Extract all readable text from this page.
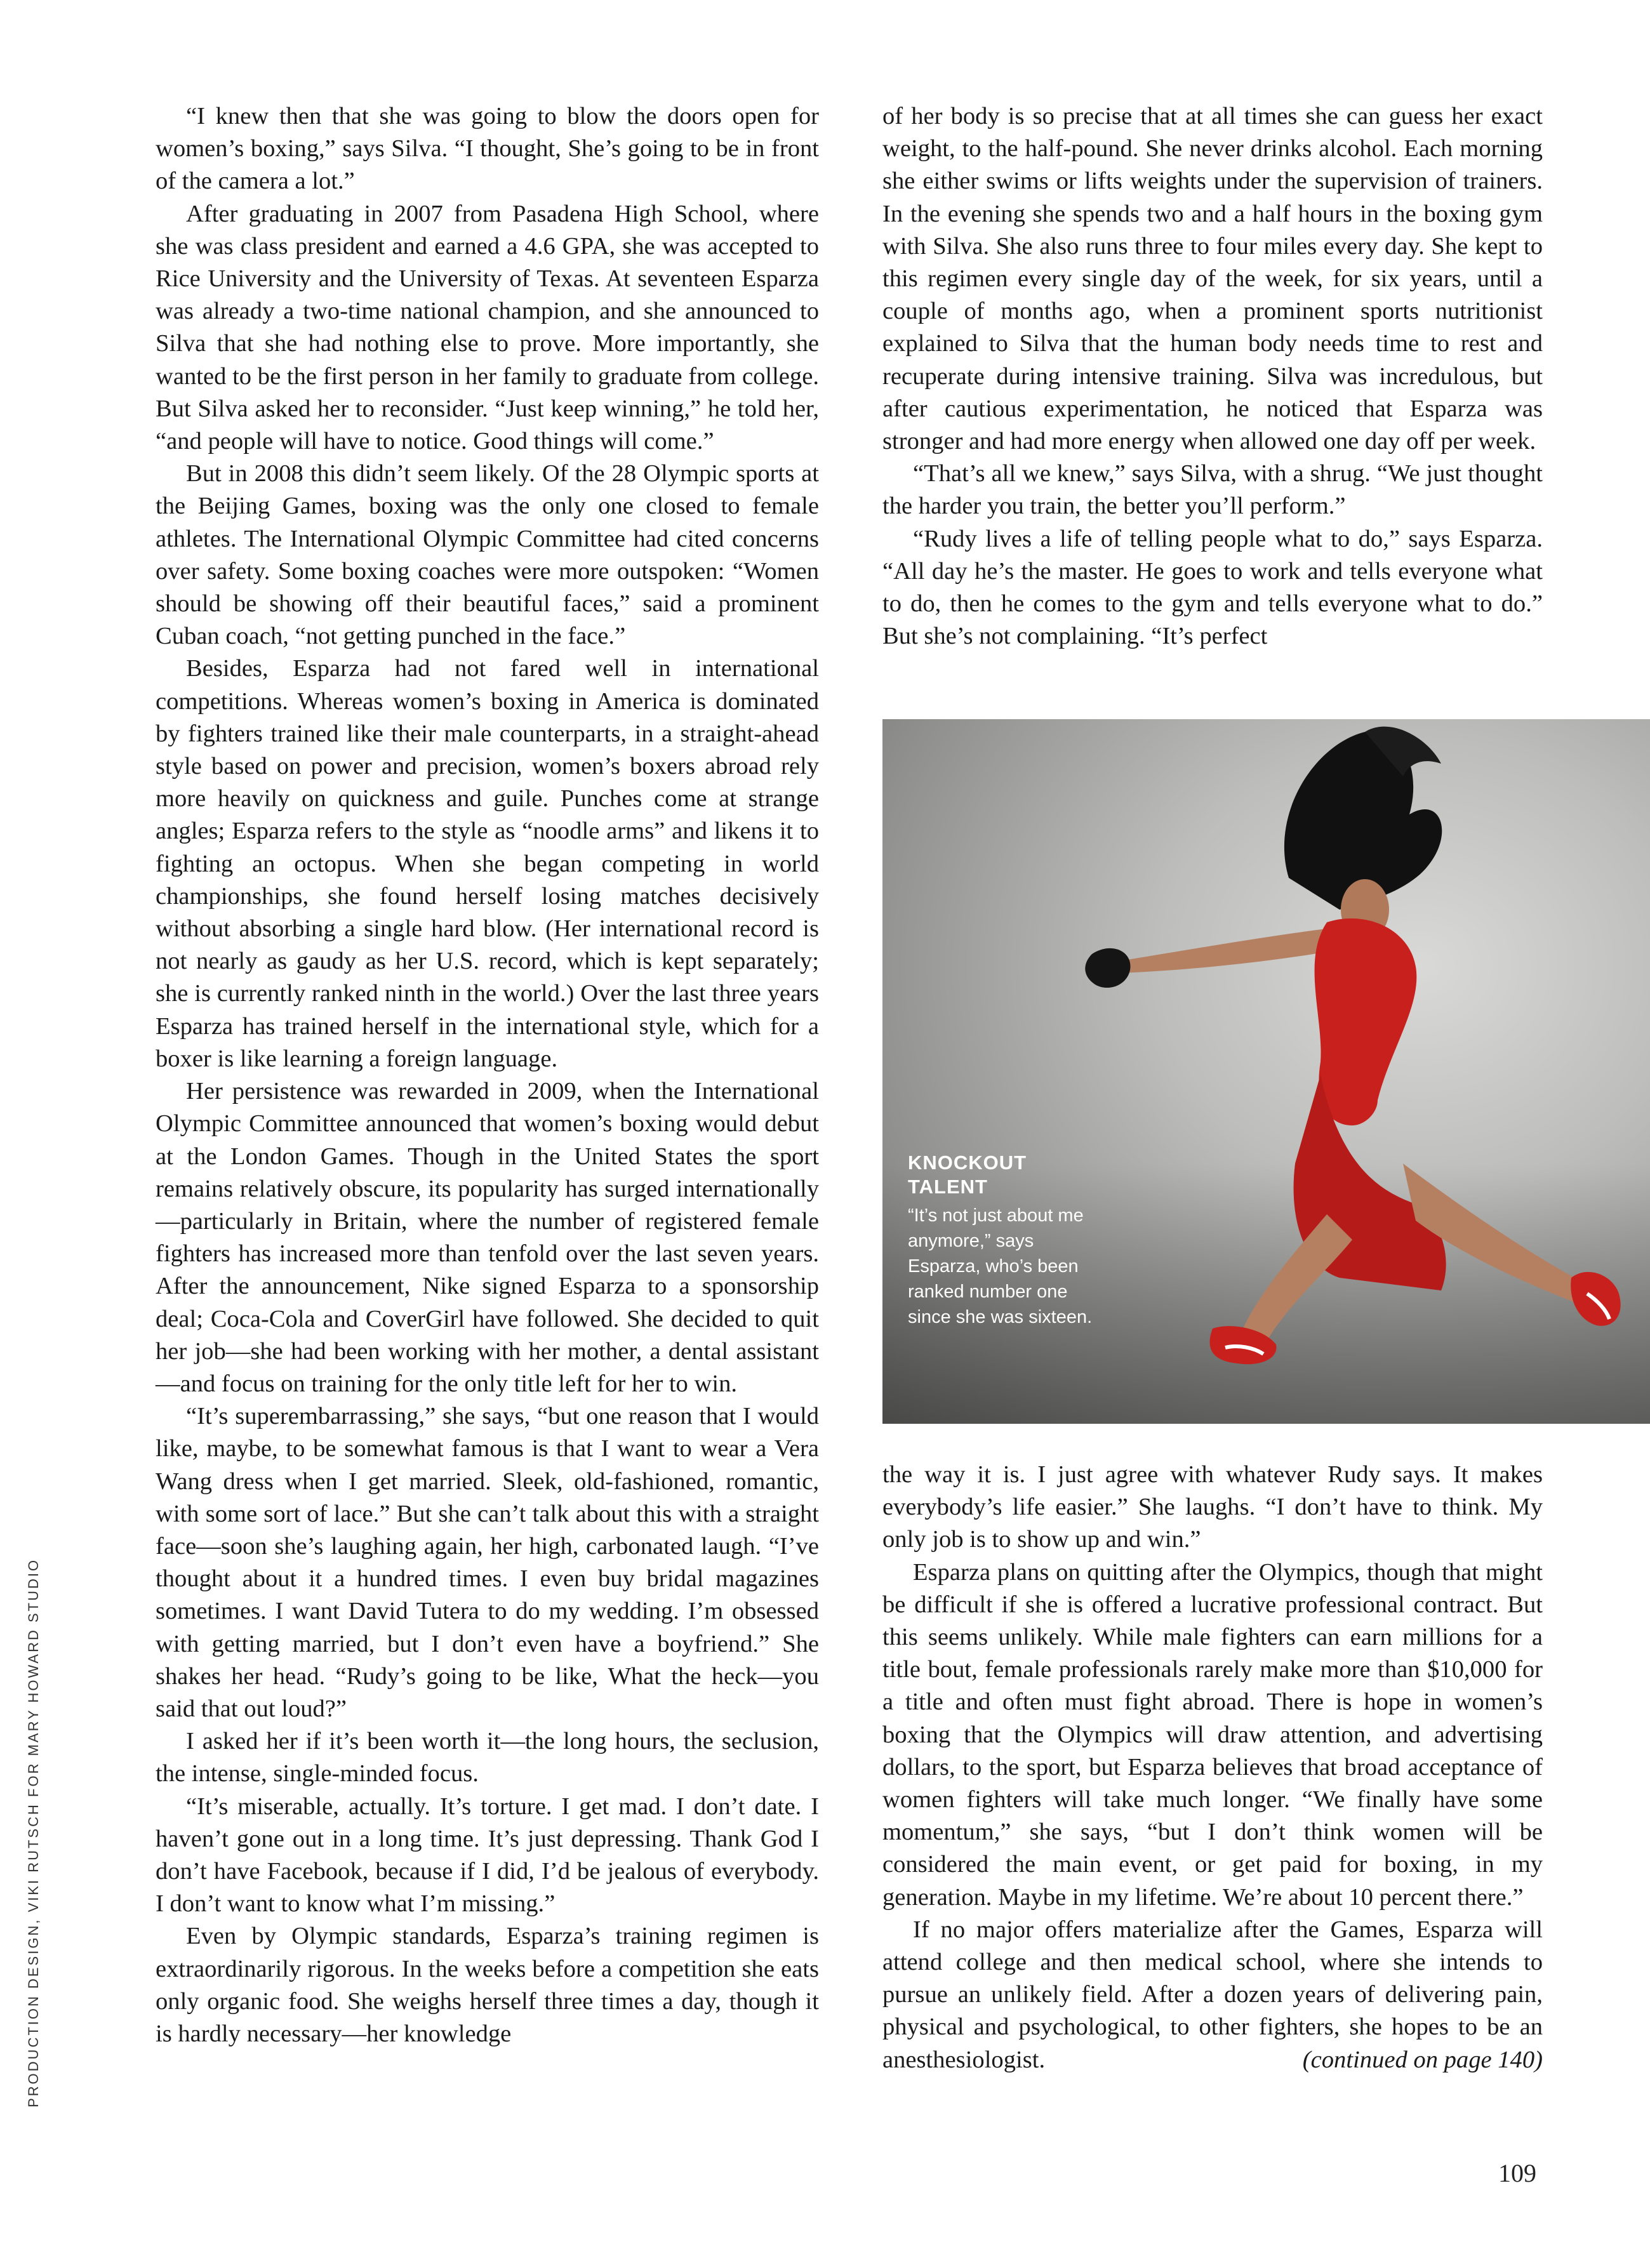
“I knew then that she was going to blow the doors open for women’s boxing,” says Silva. “I thought, She’s going to be in front of the camera a lot.”

After graduating in 2007 from Pasadena High School, where she was class president and earned a 4.6 GPA, she was accepted to Rice University and the University of Texas. At seventeen Esparza was already a two-time national champion, and she announced to Silva that she had nothing else to prove. More importantly, she wanted to be the first person in her family to graduate from college. But Silva asked her to reconsider. “Just keep winning,” he told her, “and people will have to notice. Good things will come.”

But in 2008 this didn’t seem likely. Of the 28 Olympic sports at the Beijing Games, boxing was the only one closed to female athletes. The International Olympic Committee had cited concerns over safety. Some boxing coaches were more outspoken: “Women should be showing off their beautiful faces,” said a prominent Cuban coach, “not getting punched in the face.”

Besides, Esparza had not fared well in international competitions. Whereas women’s boxing in America is dominated by fighters trained like their male counterparts, in a straight-ahead style based on power and precision, women’s boxers abroad rely more heavily on quickness and guile. Punches come at strange angles; Esparza refers to the style as “noodle arms” and likens it to fighting an octopus. When she began competing in world championships, she found herself losing matches decisively without absorbing a single hard blow. (Her international record is not nearly as gaudy as her U.S. record, which is kept separately; she is currently ranked ninth in the world.) Over the last three years Esparza has trained herself in the international style, which for a boxer is like learning a foreign language.

Her persistence was rewarded in 2009, when the International Olympic Committee announced that women’s boxing would debut at the London Games. Though in the United States the sport remains relatively obscure, its popularity has surged internationally—particularly in Britain, where the number of registered female fighters has increased more than tenfold over the last seven years. After the announcement, Nike signed Esparza to a sponsorship deal; Coca-Cola and CoverGirl have followed. She decided to quit her job—she had been working with her mother, a dental assistant—and focus on training for the only title left for her to win.

“It’s superembarrassing,” she says, “but one reason that I would like, maybe, to be somewhat famous is that I want to wear a Vera Wang dress when I get married. Sleek, old-fashioned, romantic, with some sort of lace.” But she can’t talk about this with a straight face—soon she’s laughing again, her high, carbonated laugh. “I’ve thought about it a hundred times. I even buy bridal magazines sometimes. I want David Tutera to do my wedding. I’m obsessed with getting married, but I don’t even have a boyfriend.” She shakes her head. “Rudy’s going to be like, What the heck—you said that out loud?”

I asked her if it’s been worth it—the long hours, the seclusion, the intense, single-minded focus.

“It’s miserable, actually. It’s torture. I get mad. I don’t date. I haven’t gone out in a long time. It’s just depressing. Thank God I don’t have Facebook, because if I did, I’d be jealous of everybody. I don’t want to know what I’m missing.”

Even by Olympic standards, Esparza’s training regimen is extraordinarily rigorous. In the weeks before a competition she eats only organic food. She weighs herself three times a day, though it is hardly necessary—her knowledge

of her body is so precise that at all times she can guess her exact weight, to the half-pound. She never drinks alcohol. Each morning she either swims or lifts weights under the supervision of trainers. In the evening she spends two and a half hours in the boxing gym with Silva. She also runs three to four miles every day. She kept to this regimen every single day of the week, for six years, until a couple of months ago, when a prominent sports nutritionist explained to Silva that the human body needs time to rest and recuperate during intensive training. Silva was incredulous, but after cautious experimentation, he noticed that Esparza was stronger and had more energy when allowed one day off per week.

“That’s all we knew,” says Silva, with a shrug. “We just thought the harder you train, the better you’ll perform.”

“Rudy lives a life of telling people what to do,” says Esparza. “All day he’s the master. He goes to work and tells everyone what to do, then he comes to the gym and tells everyone what to do.” But she’s not complaining. “It’s perfect

KNOCKOUT
TALENT
“It’s not just about me anymore,” says Esparza, who’s been ranked number one since she was sixteen.

the way it is. I just agree with whatever Rudy says. It makes everybody’s life easier.” She laughs. “I don’t have to think. My only job is to show up and win.”

Esparza plans on quitting after the Olympics, though that might be difficult if she is offered a lucrative professional contract. But this seems unlikely. While male fighters can earn millions for a title bout, female professionals rarely make more than $10,000 for a title and often must fight abroad. There is hope in women’s boxing that the Olympics will draw attention, and advertising dollars, to the sport, but Esparza believes that broad acceptance of women fighters will take much longer. “We finally have some momentum,” she says, “but I don’t think women will be considered the main event, or get paid for boxing, in my generation. Maybe in my lifetime. We’re about 10 percent there.”

If no major offers materialize after the Games, Esparza will attend college and then medical school, where she intends to pursue an unlikely field. After a dozen years of delivering pain, physical and psychological, to other fighters, she hopes to be an anesthesiologist.	(continued on page 140)

PRODUCTION DESIGN, VIKI RUTSCH FOR MARY HOWARD STUDIO
109
